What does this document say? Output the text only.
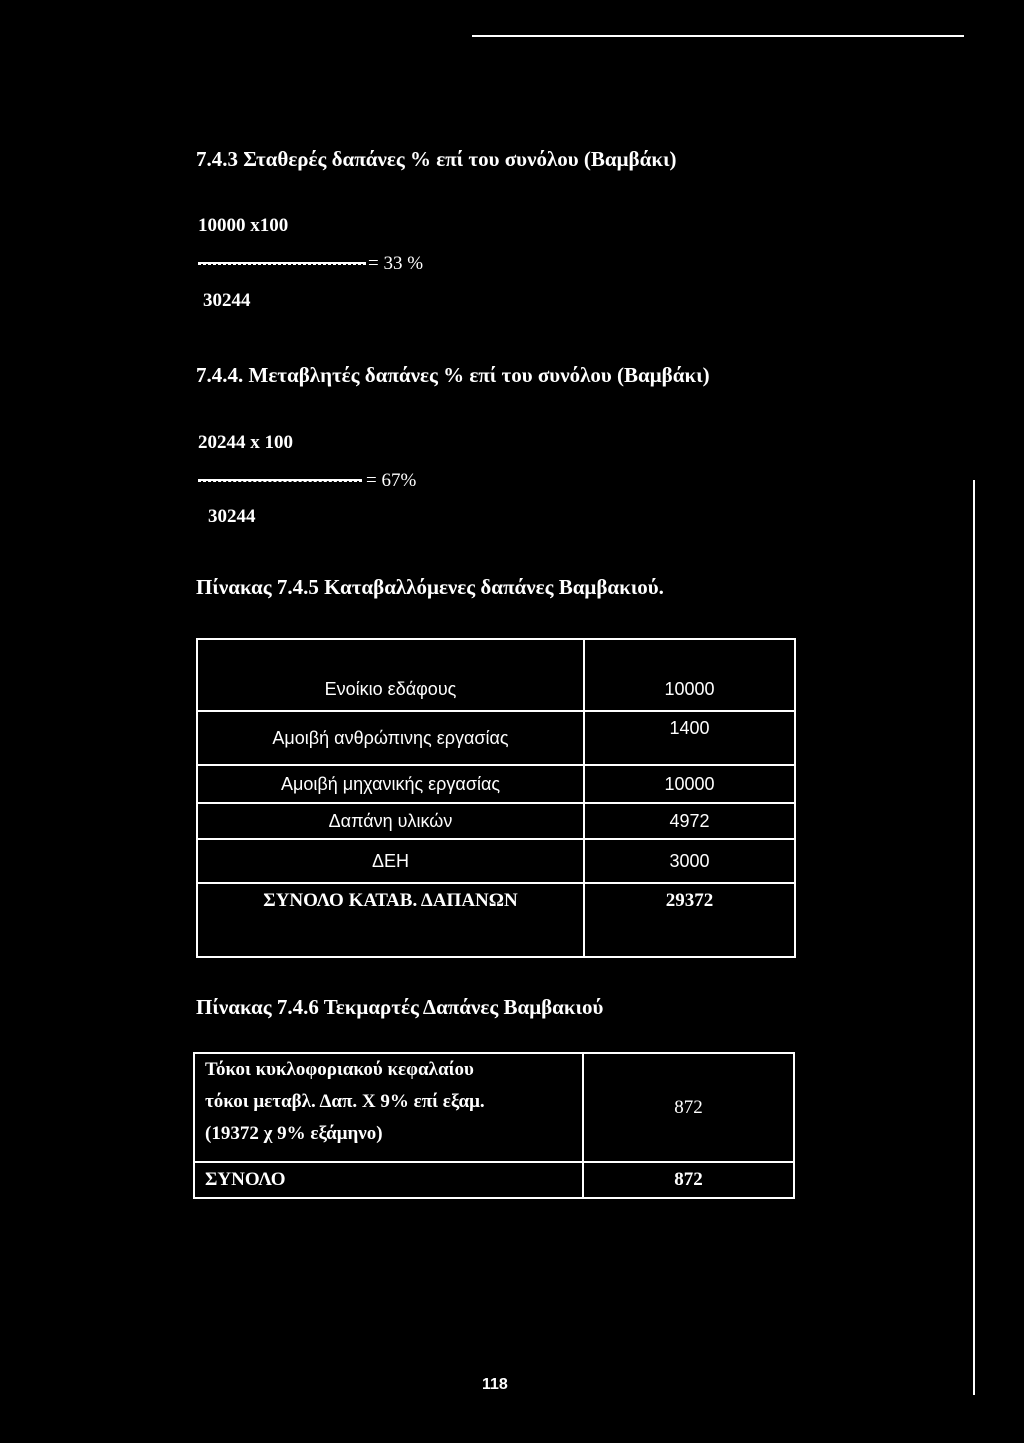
7.4.3 Σταθερές δαπάνες % επί του συνόλου (Βαμβάκι)
10000 x100
= 33 %
30244
7.4.4. Μεταβλητές δαπάνες % επί του συνόλου (Βαμβάκι)
20244 x 100
= 67%
30244
Πίνακας 7.4.5 Καταβαλλόμενες δαπάνες Βαμβακιού.
Ενοίκιο εδάφους	10000
Αμοιβή ανθρώπινης εργασίας	1400
Αμοιβή μηχανικής εργασίας	10000
Δαπάνη υλικών	4972
ΔΕΗ	3000
ΣΥΝΟΛΟ ΚΑΤΑΒ. ΔΑΠΑΝΩΝ	29372
Πίνακας 7.4.6 Τεκμαρτές Δαπάνες Βαμβακιού
Τόκοι κυκλοφοριακού κεφαλαίου
τόκοι μεταβλ. Δαπ. Χ 9% επί εξαμ.
(19372 χ 9% εξάμηνο)	872
ΣΥΝΟΛΟ	872
118
